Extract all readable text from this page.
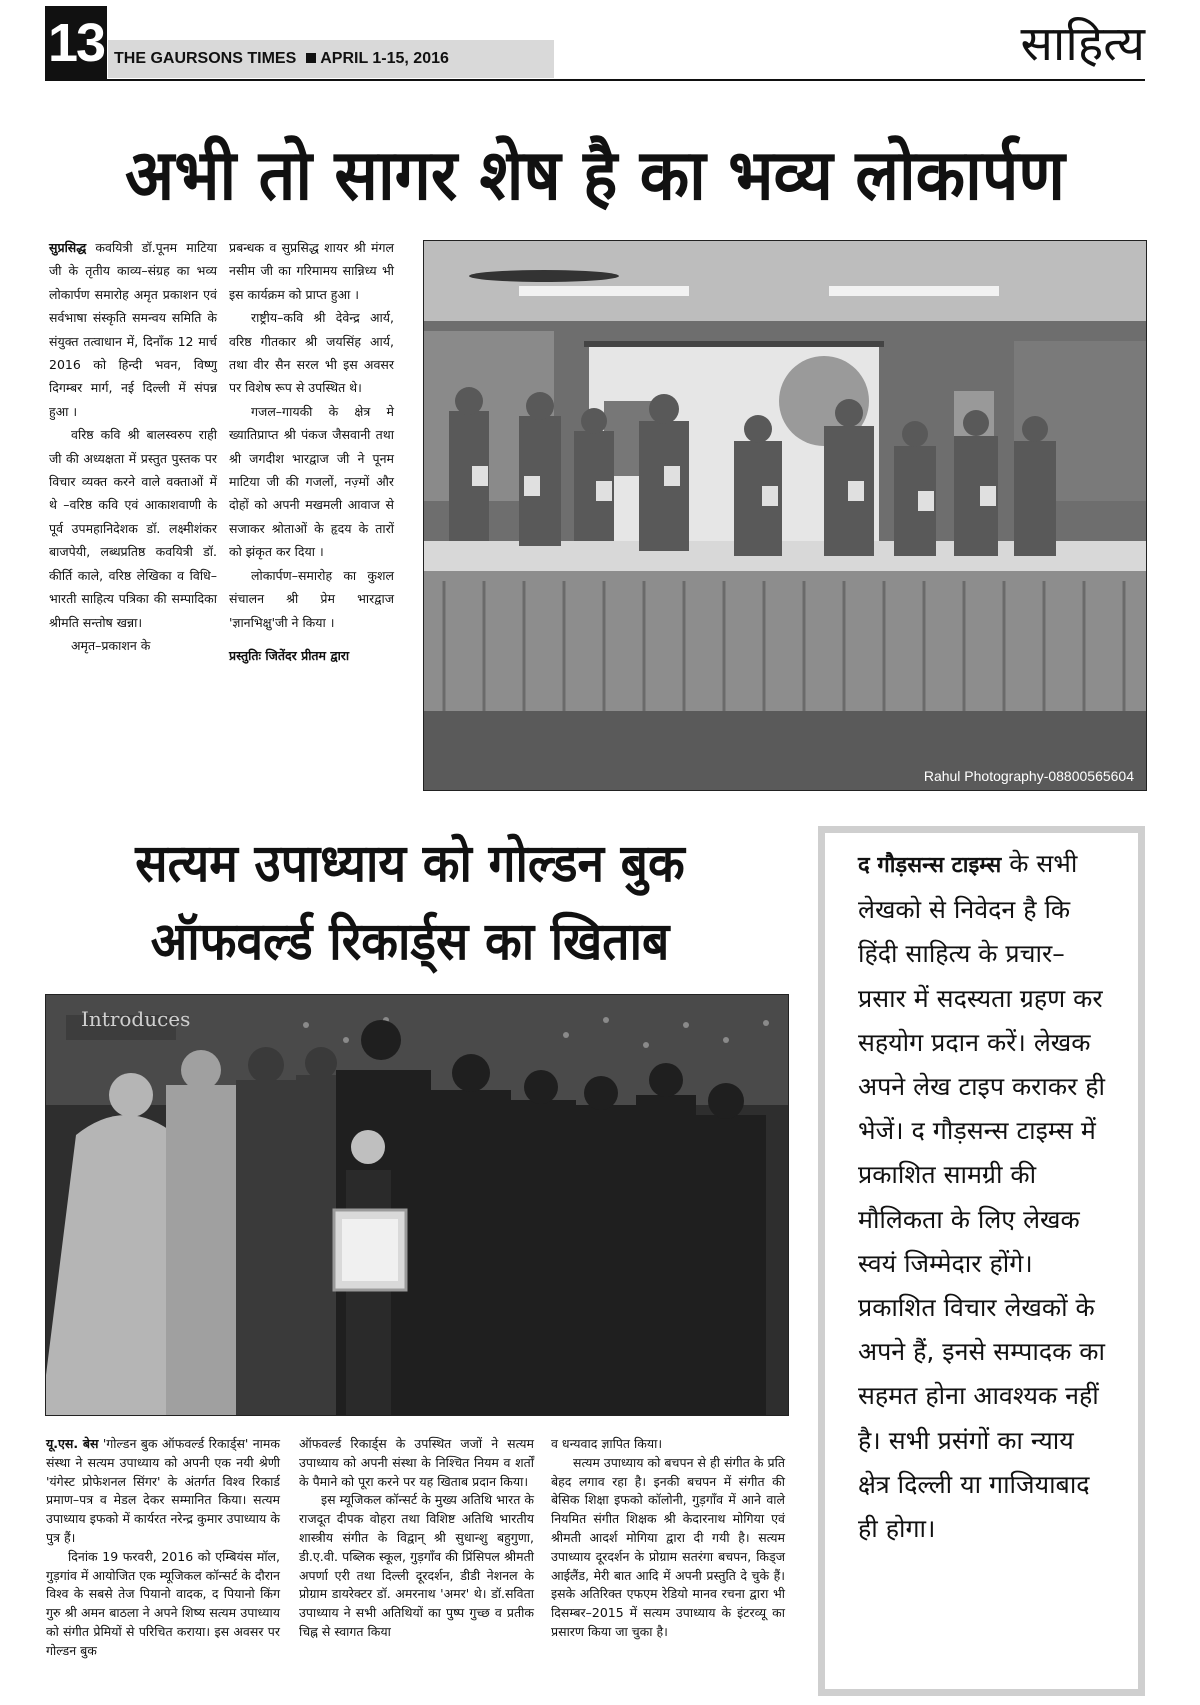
13 THE GAURSONS TIMES APRIL 1-15, 2016	साहित्य
अभी तो सागर शेष है का भव्य लोकार्पण

सुप्रसिद्ध कवयित्री डॉ.पूनम माटिया जी के तृतीय काव्य–संग्रह का भव्य लोकार्पण समारोह अमृत प्रकाशन एवं सर्वभाषा संस्कृति समन्वय समिति के संयुक्त तत्वाधान में, दिनाँक 12 मार्च 2016 को हिन्दी भवन, विष्णु दिगम्बर मार्ग, नई दिल्ली में संपन्न हुआ ।

वरिष्ठ कवि श्री बालस्वरुप राही जी की अध्यक्षता में प्रस्तुत पुस्तक पर विचार व्यक्त करने वाले वक्ताओं में थे –वरिष्ठ कवि एवं आकाशवाणी के पूर्व उपमहानिदेशक डॉ. लक्ष्मीशंकर बाजपेयी, लब्धप्रतिष्ठ कवयित्री डॉ. कीर्ति काले, वरिष्ठ लेखिका व विधि–भारती साहित्य पत्रिका की सम्पादिका श्रीमति सन्तोष खन्ना।

अमृत–प्रकाशन के

प्रबन्धक व सुप्रसिद्ध शायर श्री मंगल नसीम जी का गरिमामय सान्निध्य भी इस कार्यक्रम को प्राप्त हुआ ।

राष्ट्रीय–कवि श्री देवेन्द्र आर्य, वरिष्ठ गीतकार श्री जयसिंह आर्य, तथा वीर सैन सरल भी इस अवसर पर विशेष रूप से उपस्थित थे।

गजल–गायकी के क्षेत्र मे ख्यातिप्राप्त श्री पंकज जैसवानी तथा श्री जगदीश भारद्वाज जी ने पूनम माटिया जी की गजलों, नज़्मों और दोहों को अपनी मखमली आवाज से सजाकर श्रोताओं के हृदय के तारों को झंकृत कर दिया ।

लोकार्पण–समारोह का कुशल संचालन श्री प्रेम भारद्वाज 'ज्ञानभिक्षु'जी ने किया ।

प्रस्तुतिः जितेंदर प्रीतम द्वारा

Rahul Photography-08800565604
सत्यम उपाध्याय को गोल्डन बुक
ऑफवर्ल्ड रिकार्ड्स का खिताब
Introduces

यू.एस. बेस 'गोल्डन बुक ऑफवर्ल्ड रिकार्ड्स' नामक संस्था ने सत्यम उपाध्याय को अपनी एक नयी श्रेणी 'यंगेस्ट प्रोफेशनल सिंगर' के अंतर्गत विश्व रिकार्ड प्रमाण–पत्र व मेडल देकर सम्मानित किया। सत्यम उपाध्याय इफको में कार्यरत नरेन्द्र कुमार उपाध्याय के पुत्र हैं।

दिनांक 19 फरवरी, 2016 को एम्बियंस मॉल, गुड़गांव में आयोजित एक म्यूजिकल कॉन्सर्ट के दौरान विश्व के सबसे तेज पियानो वादक, द पियानो किंग गुरु श्री अमन बाठला ने अपने शिष्य सत्यम उपाध्याय को संगीत प्रेमियों से परिचित कराया। इस अवसर पर गोल्डन बुक

ऑफवर्ल्ड रिकार्ड्स के उपस्थित जजों ने सत्यम उपाध्याय को अपनी संस्था के निश्चित नियम व शर्तों के पैमाने को पूरा करने पर यह खिताब प्रदान किया।

इस म्यूजिकल कॉन्सर्ट के मुख्य अतिथि भारत के राजदूत दीपक वोहरा तथा विशिष्ट अतिथि भारतीय शास्त्रीय संगीत के विद्वान् श्री सुधान्शु बहुगुणा, डी.ए.वी. पब्लिक स्कूल, गुड़गाँव की प्रिंसिपल श्रीमती अपर्णा एरी तथा दिल्ली दूरदर्शन, डीडी नेशनल के प्रोग्राम डायरेक्टर डॉ. अमरनाथ 'अमर' थे। डॉ.सविता उपाध्याय ने सभी अतिथियों का पुष्प गुच्छ व प्रतीक चिह्न से स्वागत किया

व धन्यवाद ज्ञापित किया।

सत्यम उपाध्याय को बचपन से ही संगीत के प्रति बेहद लगाव रहा है। इनकी बचपन में संगीत की बेसिक शिक्षा इफको कॉलोनी, गुड़गाँव में आने वाले नियमित संगीत शिक्षक श्री केदारनाथ मोगिया एवं श्रीमती आदर्श मोगिया द्वारा दी गयी है। सत्यम उपाध्याय दूरदर्शन के प्रोग्राम सतरंगा बचपन, किड्ज आईलैंड, मेरी बात आदि में अपनी प्रस्तुति दे चुके हैं। इसके अतिरिक्त एफएम रेडियो मानव रचना द्वारा भी दिसम्बर–2015 में सत्यम उपाध्याय के इंटरव्यू का प्रसारण किया जा चुका है।

द गौड़सन्स टाइम्स के सभी लेखको से निवेदन है कि हिंदी साहित्य के प्रचार–प्रसार में सदस्यता ग्रहण कर सहयोग प्रदान करें। लेखक अपने लेख टाइप कराकर ही भेजें। द गौड़सन्स टाइम्स में प्रकाशित सामग्री की मौलिकता के लिए लेखक स्वयं जिम्मेदार होंगे। प्रकाशित विचार लेखकों के अपने हैं, इनसे सम्पादक का सहमत होना आवश्यक नहीं है। सभी प्रसंगों का न्याय क्षेत्र दिल्ली या गाजियाबाद ही होगा।
